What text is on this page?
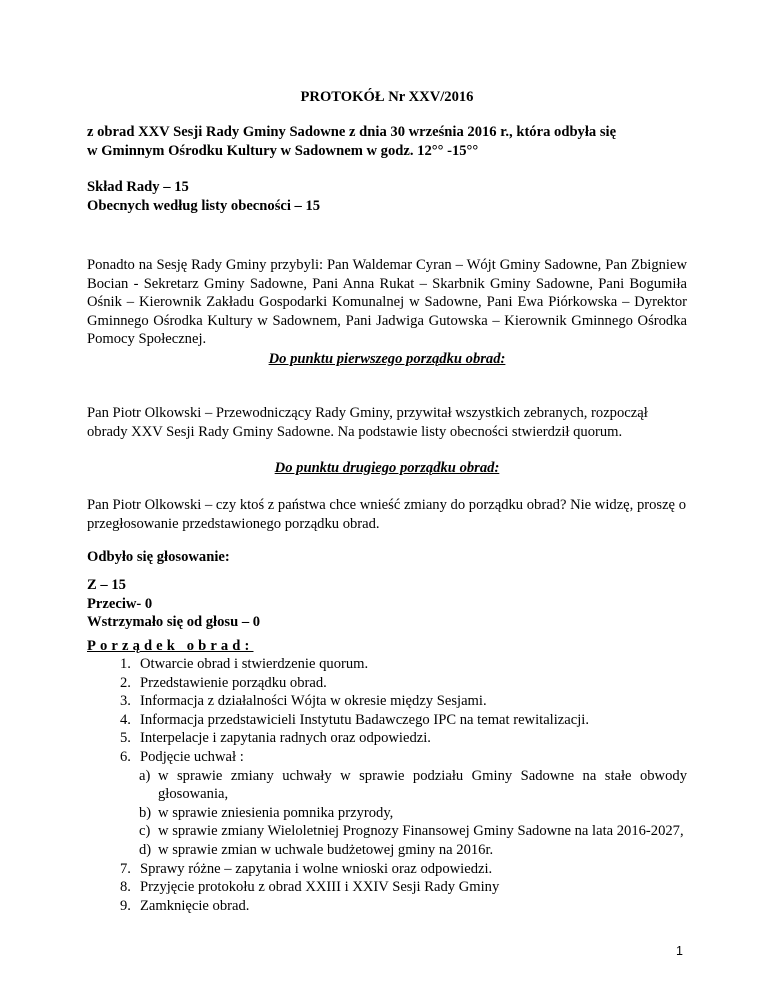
PROTOKÓŁ Nr XXV/2016
z obrad XXV Sesji Rady Gminy Sadowne z dnia 30 września 2016 r., która odbyła się
w Gminnym Ośrodku Kultury w Sadownem w godz. 12°° -15°°
Skład Rady – 15
Obecnych według listy obecności – 15
Ponadto na Sesję Rady Gminy przybyli: Pan Waldemar Cyran – Wójt Gminy Sadowne, Pan Zbigniew Bocian - Sekretarz Gminy Sadowne, Pani Anna Rukat – Skarbnik Gminy Sadowne, Pani Bogumiła Ośnik – Kierownik Zakładu Gospodarki Komunalnej w Sadowne, Pani Ewa Piórkowska – Dyrektor Gminnego Ośrodka Kultury w Sadownem, Pani Jadwiga Gutowska – Kierownik Gminnego Ośrodka Pomocy Społecznej.
Do punktu pierwszego porządku obrad:
Pan Piotr Olkowski – Przewodniczący Rady Gminy, przywitał wszystkich zebranych, rozpoczął obrady XXV Sesji Rady Gminy Sadowne. Na podstawie listy obecności stwierdził quorum.
Do punktu drugiego porządku obrad:
Pan Piotr Olkowski – czy ktoś z państwa chce wnieść zmiany do porządku obrad? Nie widzę, proszę o przegłosowanie przedstawionego porządku obrad.
Odbyło się głosowanie:
Z – 15
Przeciw- 0
Wstrzymało się od głosu – 0
Porządek obrad:
1. Otwarcie obrad i stwierdzenie quorum.
2. Przedstawienie porządku obrad.
3. Informacja z działalności Wójta w okresie między Sesjami.
4. Informacja przedstawicieli Instytutu Badawczego IPC na temat rewitalizacji.
5. Interpelacje i zapytania radnych oraz odpowiedzi.
6. Podjęcie uchwał :
a) w sprawie zmiany uchwały w sprawie podziału Gminy Sadowne na stałe obwody głosowania,
b) w sprawie zniesienia pomnika przyrody,
c) w sprawie zmiany Wieloletniej Prognozy Finansowej Gminy Sadowne na lata 2016-2027,
d) w sprawie zmian w uchwale budżetowej gminy na 2016r.
7. Sprawy różne – zapytania i wolne wnioski oraz odpowiedzi.
8. Przyjęcie protokołu z obrad XXIII i XXIV Sesji Rady Gminy
9. Zamknięcie obrad.
1
